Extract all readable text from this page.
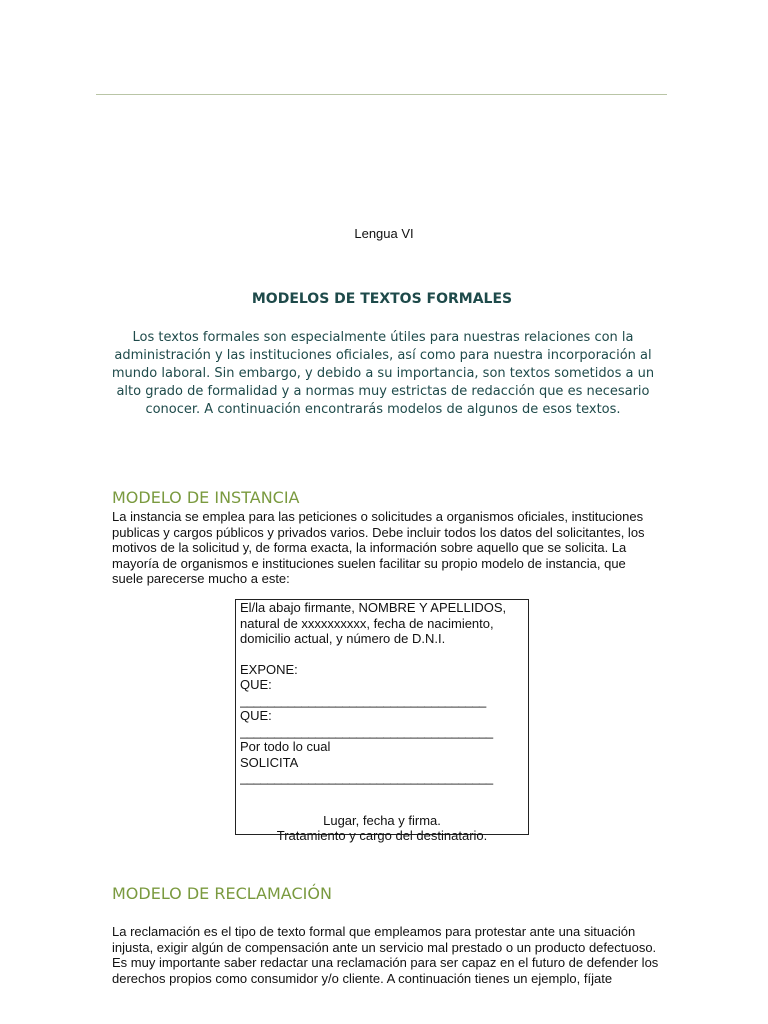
Lengua VI
MODELOS DE TEXTOS FORMALES
Los textos formales son especialmente útiles para nuestras relaciones con la administración y las instituciones oficiales, así como para nuestra incorporación al mundo laboral. Sin embargo, y debido a su importancia, son textos sometidos a un alto grado de formalidad y a normas muy estrictas de redacción que es necesario conocer. A continuación encontrarás modelos de algunos de esos textos.
MODELO DE INSTANCIA
La instancia se emplea para las peticiones o solicitudes a organismos oficiales, instituciones publicas y cargos públicos y privados varios. Debe incluir todos los datos del solicitantes, los motivos de la solicitud y, de forma exacta, la información sobre aquello que se solicita. La mayoría de organismos e instituciones suelen facilitar su propio modelo de instancia, que suele parecerse mucho a este:
El/la abajo firmante, NOMBRE Y APELLIDOS,
natural de xxxxxxxxxx, fecha de nacimiento,
domicilio actual, y número de D.N.I.
EXPONE:
QUE:
____________________________________
QUE:
_____________________________________
Por todo lo cual
SOLICITA
_____________________________________
Lugar, fecha y firma.
Tratamiento y cargo del destinatario.
MODELO DE RECLAMACIÓN
La reclamación es el tipo de texto formal que empleamos para protestar ante una situación injusta, exigir algún de compensación ante un servicio mal prestado o un producto defectuoso. Es muy importante saber redactar una reclamación para ser capaz en el futuro de defender los derechos propios como consumidor y/o cliente. A continuación tienes un ejemplo, fíjate
